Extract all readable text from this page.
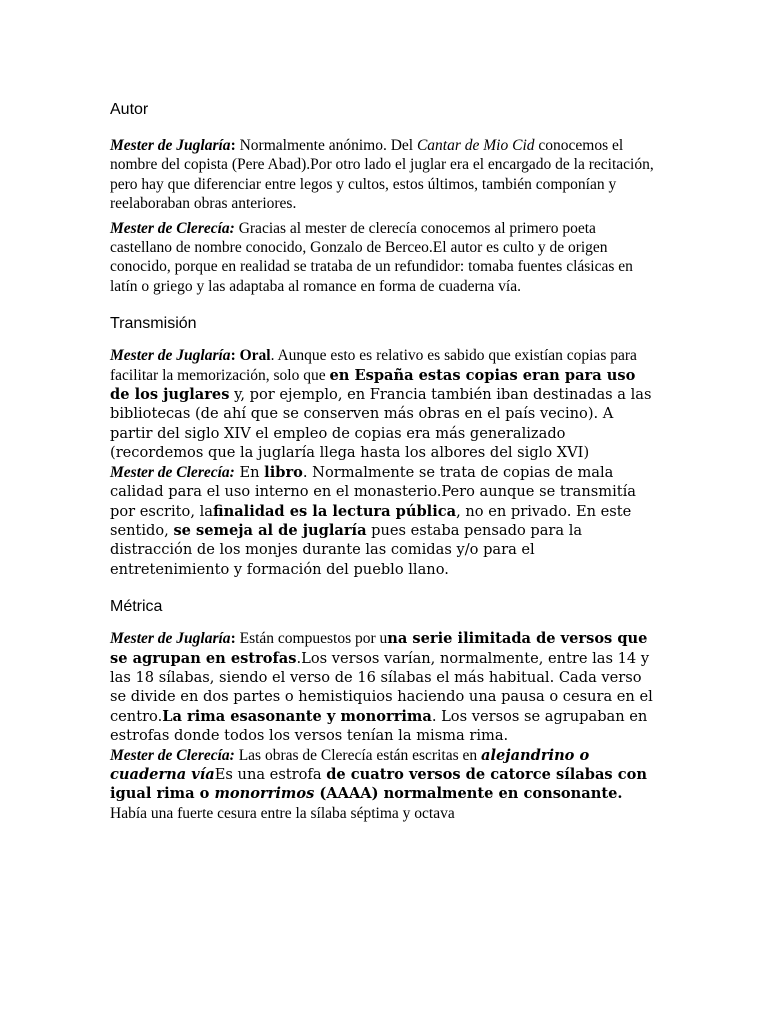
Autor

Mester de Juglaría: Normalmente anónimo. Del Cantar de Mio Cid conocemos el nombre del copista (Pere Abad).Por otro lado el juglar era el encargado de la recitación, pero hay que diferenciar entre legos y cultos, estos últimos, también componían y reelaboraban obras anteriores.

Mester de Clerecía: Gracias al mester de clerecía conocemos al primero poeta castellano de nombre conocido, Gonzalo de Berceo.El autor es culto y de origen conocido, porque en realidad se trataba de un refundidor: tomaba fuentes clásicas en latín o griego y las adaptaba al romance en forma de cuaderna vía.

Transmisión

Mester de Juglaría: Oral. Aunque esto es relativo es sabido que existían copias para facilitar la memorización, solo que en España estas copias eran para uso de los juglares y, por ejemplo, en Francia también iban destinadas a las bibliotecas (de ahí que se conserven más obras en el país vecino). A partir del siglo XIV el empleo de copias era más generalizado (recordemos que la juglaría llega hasta los albores del siglo XVI)

Mester de Clerecía: En libro. Normalmente se trata de copias de mala calidad para el uso interno en el monasterio.Pero aunque se transmitía por escrito, lafinalidad es la lectura pública, no en privado. En este sentido, se semeja al de juglaría pues estaba pensado para la distracción de los monjes durante las comidas y/o para el entretenimiento y formación del pueblo llano.

Métrica

Mester de Juglaría: Están compuestos por una serie ilimitada de versos que se agrupan en estrofas.Los versos varían, normalmente, entre las 14 y las 18 sílabas, siendo el verso de 16 sílabas el más habitual. Cada verso se divide en dos partes o hemistiquios haciendo una pausa o cesura en el centro.La rima esasonante y monorrima. Los versos se agrupaban en estrofas donde todos los versos tenían la misma rima.

Mester de Clerecía: Las obras de Clerecía están escritas en alejandrino o cuaderna víaEs una estrofa de cuatro versos de catorce sílabas con igual rima o monorrimos (AAAA) normalmente en consonante. Había una fuerte cesura entre la sílaba séptima y octava
